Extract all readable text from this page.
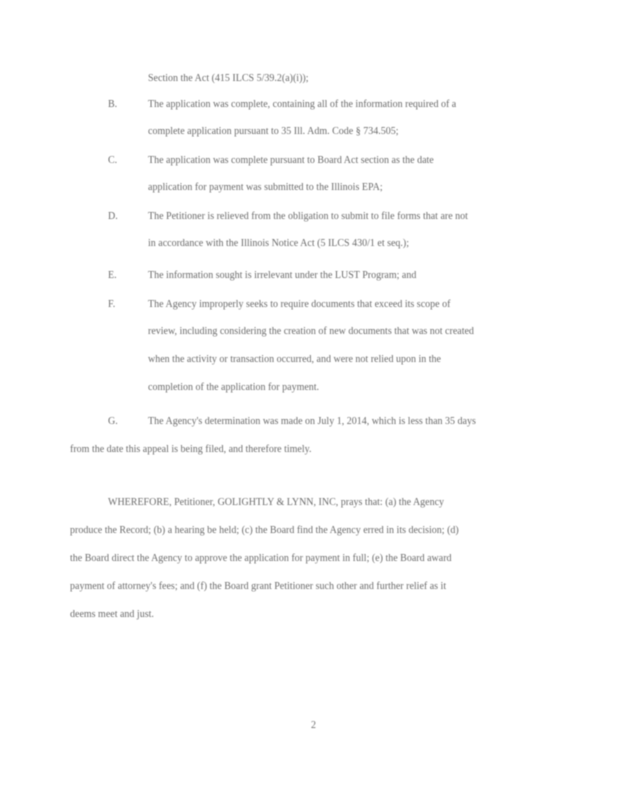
Section the Act (415 ILCS 5/39.2(a)(i));
B.	The application was complete, containing all of the information required of a
complete application pursuant to 35 Ill. Adm. Code § 734.505;
C.	The application was complete pursuant to Board Act section as the date
application for payment was submitted to the Illinois EPA;
D.	The Petitioner is relieved from the obligation to submit to file forms that are not
in accordance with the Illinois Notice Act (5 ILCS 430/1 et seq.);
E.	The information sought is irrelevant under the LUST Program; and
F.	The Agency improperly seeks to require documents that exceed its scope of
review, including considering the creation of new documents that was not created
when the activity or transaction occurred, and were not relied upon in the
completion of the application for payment.
G.	The Agency's determination was made on July 1, 2014, which is less than 35 days
from the date this appeal is being filed, and therefore timely.
WHEREFORE, Petitioner, GOLIGHTLY & LYNN, INC, prays that: (a) the Agency
produce the Record; (b) a hearing be held; (c) the Board find the Agency erred in its decision; (d)
the Board direct the Agency to approve the application for payment in full; (e) the Board award
payment of attorney's fees; and (f) the Board grant Petitioner such other and further relief as it
deems meet and just.
2
